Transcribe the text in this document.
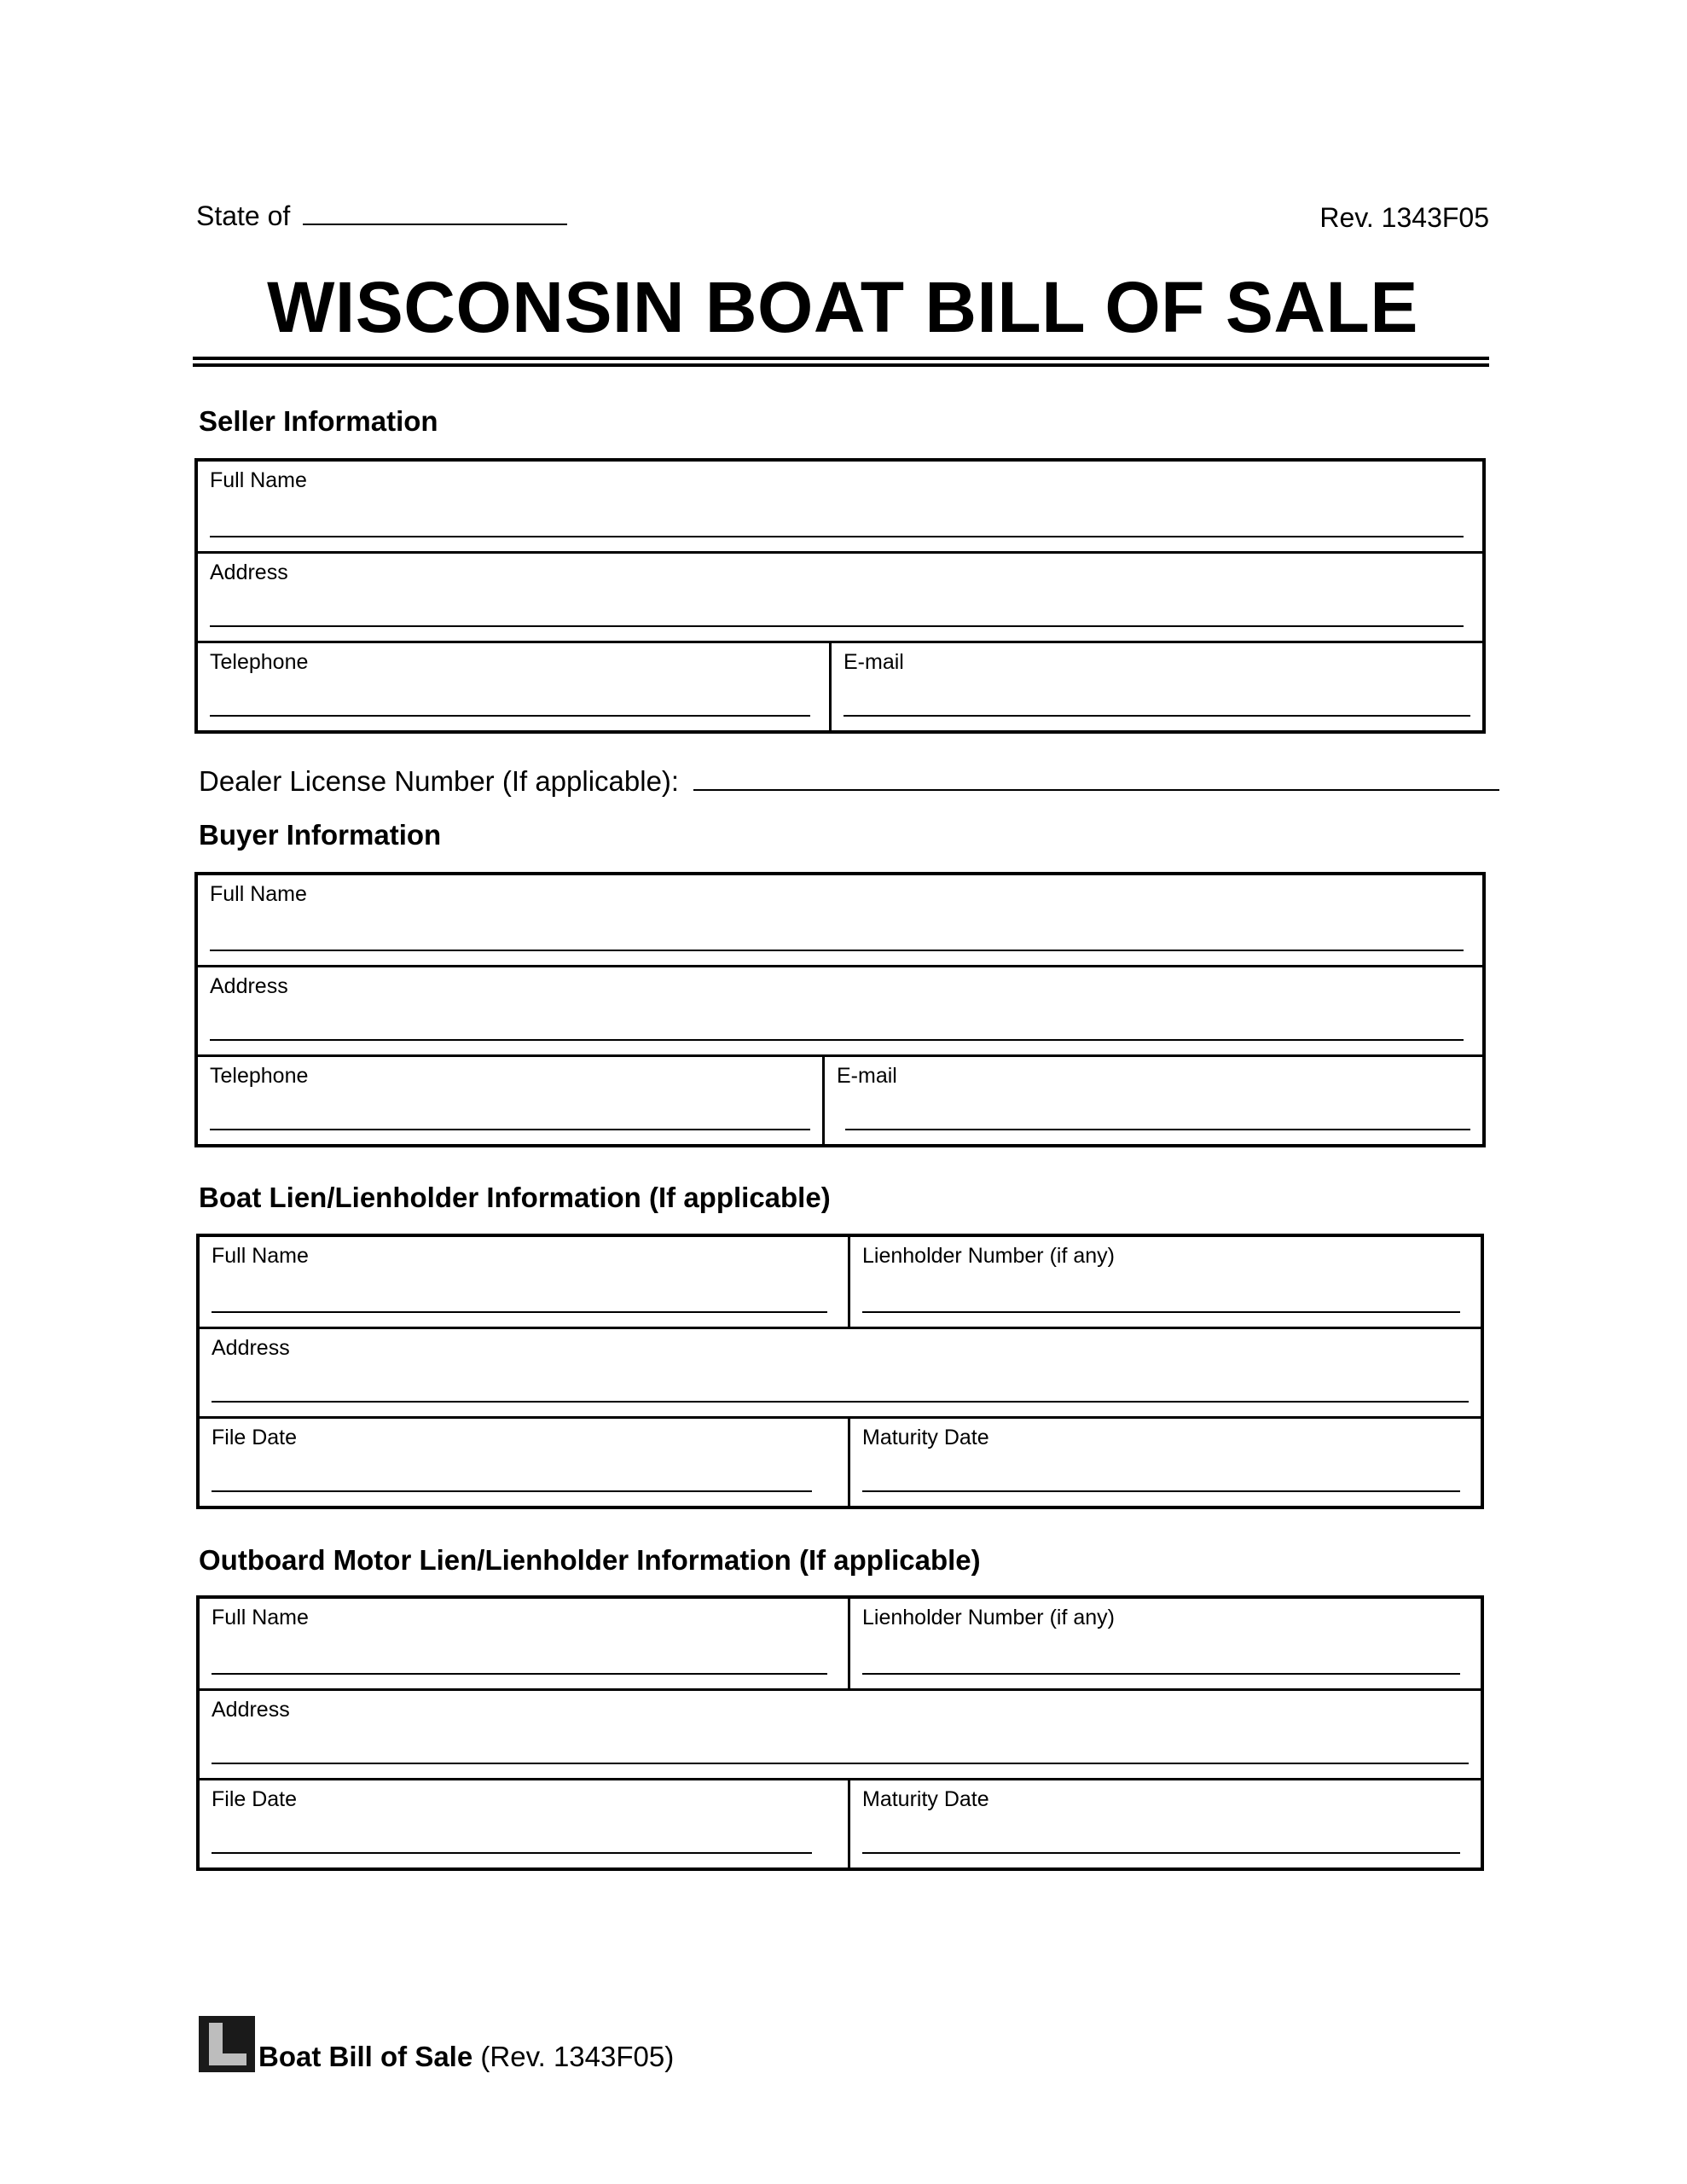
State of	Rev. 1343F05
WISCONSIN BOAT BILL OF SALE
Seller Information
Full Name
Address
Telephone	E-mail
Dealer License Number (If applicable):
Buyer Information
Full Name
Address
Telephone	E-mail
Boat Lien/Lienholder Information (If applicable)
Full Name	Lienholder Number (if any)
Address
File Date	Maturity Date
Outboard Motor Lien/Lienholder Information (If applicable)
Full Name	Lienholder Number (if any)
Address
File Date	Maturity Date
Boat Bill of Sale (Rev. 1343F05)
